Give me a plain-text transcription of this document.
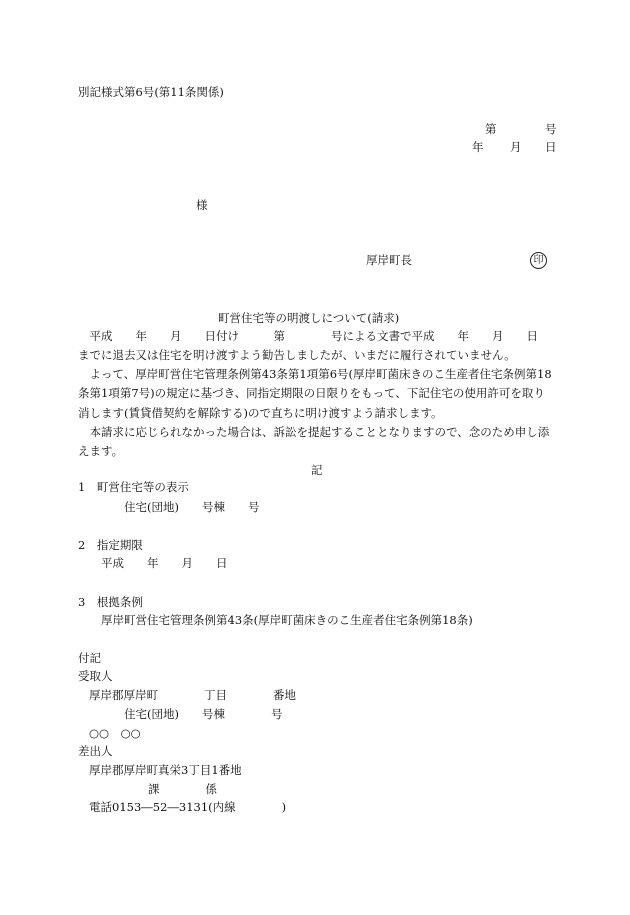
別記様式第6号(第11条関係)
第	号
年 月 日
様
厚岸町長	印
町営住宅等の明渡しについて(請求)
　平成　　年　　月　　日付け　　　第　　　　号による文書で平成　　年　　月　　日
までに退去又は住宅を明け渡すよう勧告しましたが、いまだに履行されていません。
　よって、厚岸町営住宅管理条例第43条第1項第6号(厚岸町菌床きのこ生産者住宅条例第18
条第1項第7号)の規定に基づき、同指定期限の日限りをもって、下記住宅の使用許可を取り
消します(賃貸借契約を解除する)ので直ちに明け渡すよう請求します。
　本請求に応じられなかった場合は、訴訟を提起することとなりますので、念のため申し添
えます。
記
1　町営住宅等の表示
住宅(団地)　　号棟　　号
2　指定期限
平成　　年　　月　　日
3　根拠条例
厚岸町営住宅管理条例第43条(厚岸町菌床きのこ生産者住宅条例第18条)
付記
受取人
厚岸郡厚岸町　　　　丁目　　　　番地
住宅(団地)　　号棟　　　　号
○○　○○
差出人
厚岸郡厚岸町真栄3丁目1番地
課　　　　係
電話0153―52―3131(内線　　　　)
